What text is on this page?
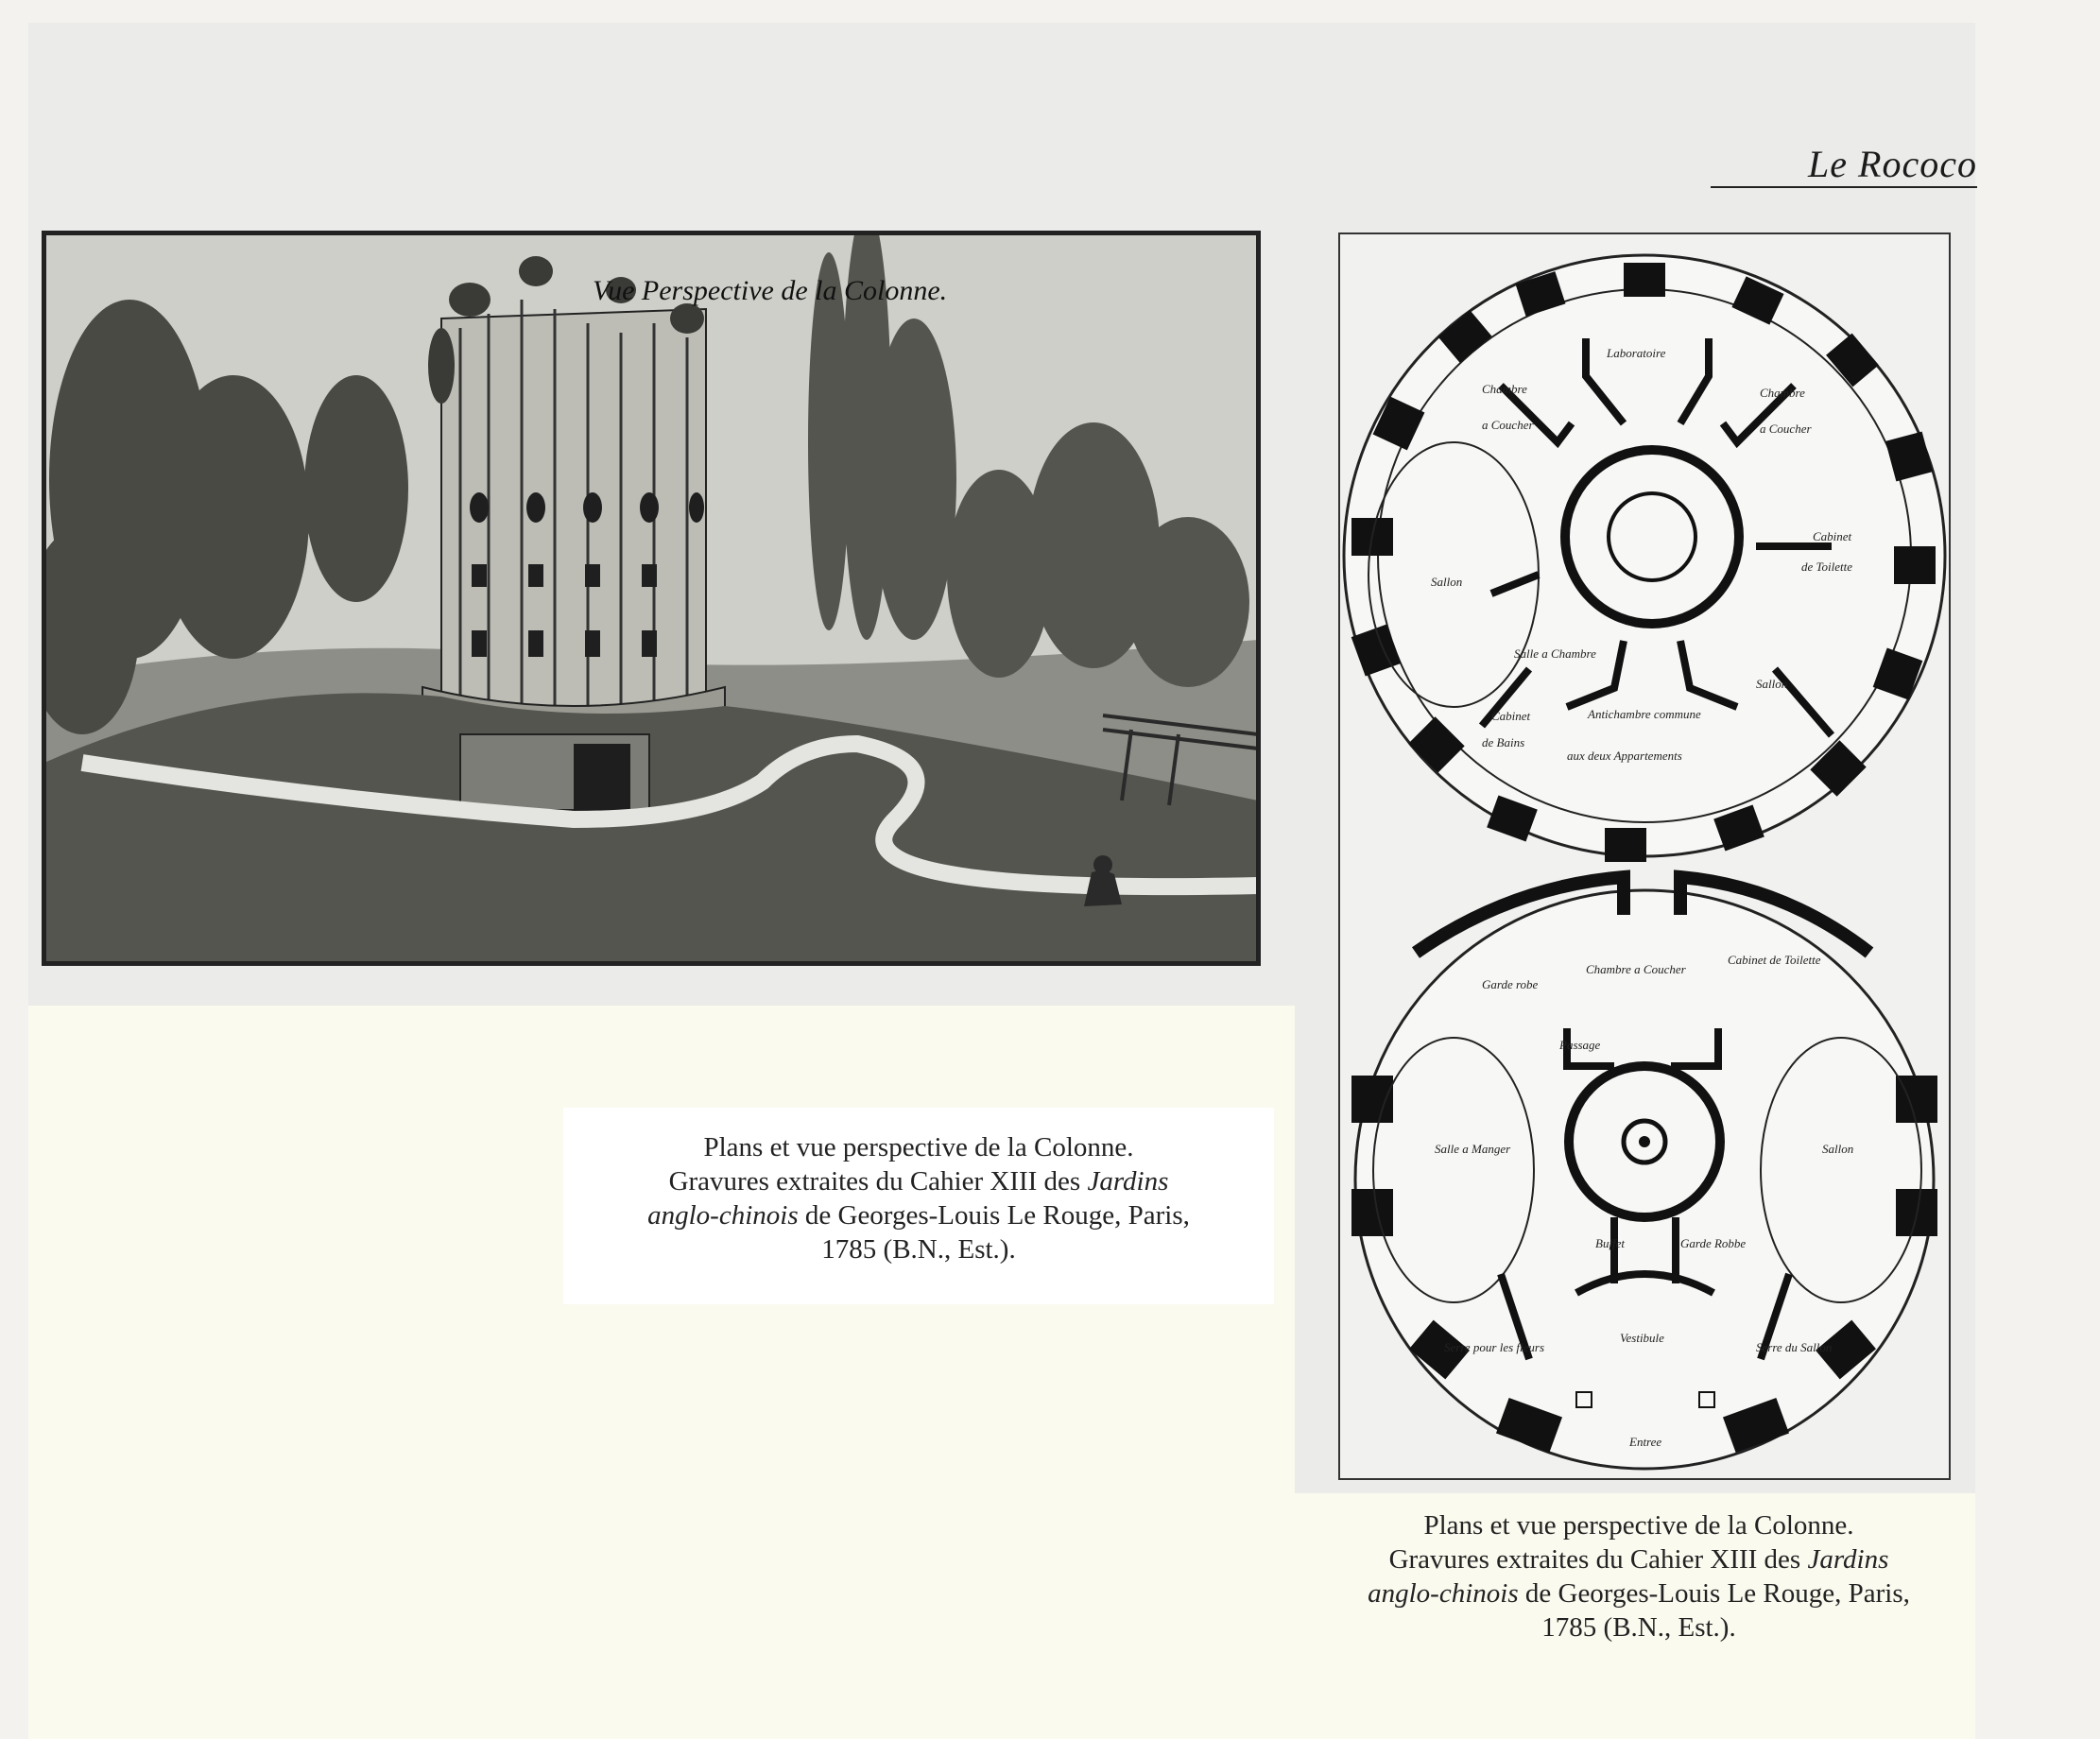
Le Rococo
Vue Perspective de la Colonne.
Laboratoire
Chambre
a Coucher
Chambre
a Coucher
Sallon
Cabinet
de Toilette
Salle a Chambre
Cabinet
de Bains
Antichambre commune
aux deux Appartements
Sallon
Chambre a Coucher
Garde robe
Cabinet de Toilette
Passage
Salle a Manger	Sallon
Buffet	Garde Robbe
Vestibule
Entree
Serre pour les fleurs	Serre du Sallon
Plans et vue perspective de la Colonne.
Gravures extraites du Cahier XIII des Jardins
anglo-chinois de Georges-Louis Le Rouge, Paris,
1785 (B.N., Est.).
Plans et vue perspective de la Colonne.
Gravures extraites du Cahier XIII des Jardins
anglo-chinois de Georges-Louis Le Rouge, Paris,
1785 (B.N., Est.).
